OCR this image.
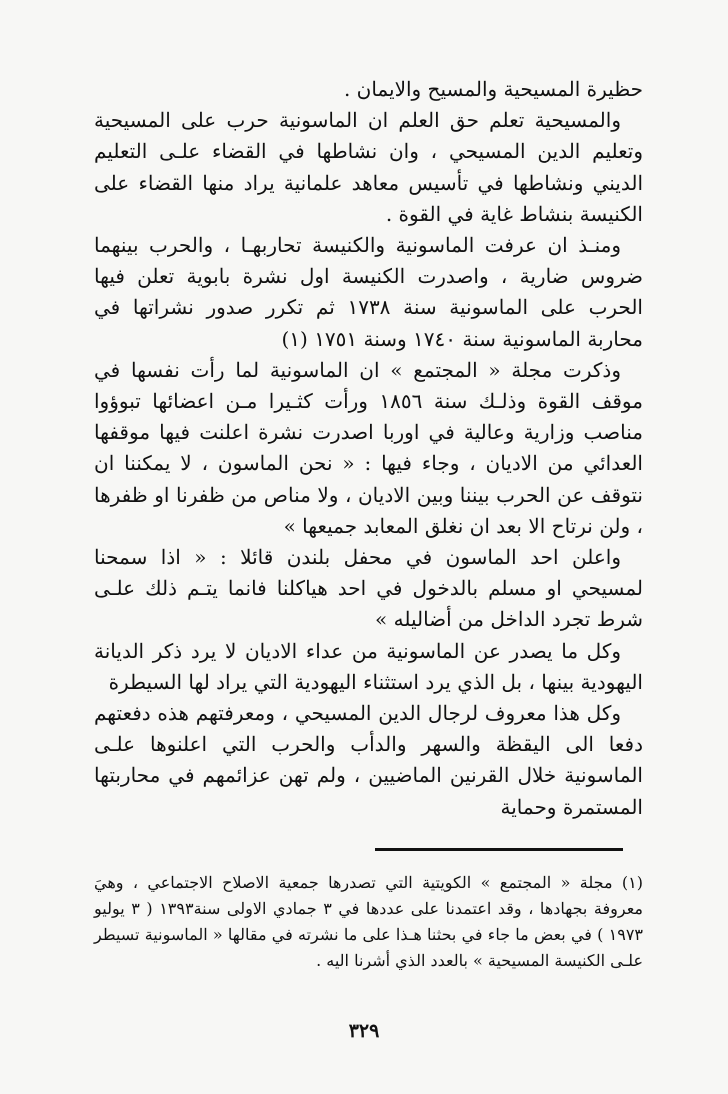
حظيرة المسيحية والمسيح والايمان .

والمسيحية تعلم حق العلم ان الماسونية حرب على المسيحية وتعليم الدين المسيحي ، وان نشاطها في القضاء علـى التعليم الديني ونشاطها في تأسيس معاهد علمانية يراد منها القضاء على الكنيسة بنشاط غاية في القوة .

ومنـذ ان عرفت الماسونية والكنيسة تحاربهـا ، والحرب بينهما ضروس ضارية ، واصدرت الكنيسة اول نشرة بابوية تعلن فيها الحرب على الماسونية سنة ١٧٣٨ ثم تكرر صدور نشراتها في محاربة الماسونية سنة ١٧٤٠ وسنة ١٧٥١ (١)

وذكرت مجلة « المجتمع » ان الماسونية لما رأت نفسها في موقف القوة وذلـك سنة ١٨٥٦ ورأت كثـيرا مـن اعضائها تبوؤوا مناصب وزارية وعالية في اوربا اصدرت نشرة اعلنت فيها موقفها العدائي من الاديان ، وجاء فيها : « نحن الماسون ، لا يمكننا ان نتوقف عن الحرب بيننا وبين الاديان ، ولا مناص من ظفرنا او ظفرها ، ولن نرتاح الا بعد ان نغلق المعابد جميعها »

واعلن احد الماسون في محفل بلندن قائلا : « اذا سمحنا لمسيحي او مسلم بالدخول في احد هياكلنا فانما يتـم ذلك علـى شرط تجرد الداخل من أضاليله »

وكل ما يصدر عن الماسونية من عداء الاديان لا يرد ذكر الديانة اليهودية بينها ، بل الذي يرد استثناء اليهودية التي يراد لها السيطرة

وكل هذا معروف لرجال الدين المسيحي ، ومعرفتهم هذه دفعتهم دفعا الى اليقظة والسهر والدأب والحرب التي اعلنوها علـى الماسونية خلال القرنين الماضيين ، ولم تهن عزائمهم في محاربتها المستمرة وحماية

(١) مجلة « المجتمع » الكويتية التي تصدرها جمعية الاصلاح الاجتماعي ، وهيَ معروفة بجهادها ، وقد اعتمدنا على عددها في ٣ جمادي الاولى سنة١٣٩٣ ( ٣ يوليو ١٩٧٣ ) في بعض ما جاء في بحثنا هـذا على ما نشرته في مقالها « الماسونية تسيطر علـى الكنيسة المسيحية » بالعدد الذي أشرنا اليه .

٣٢٩
